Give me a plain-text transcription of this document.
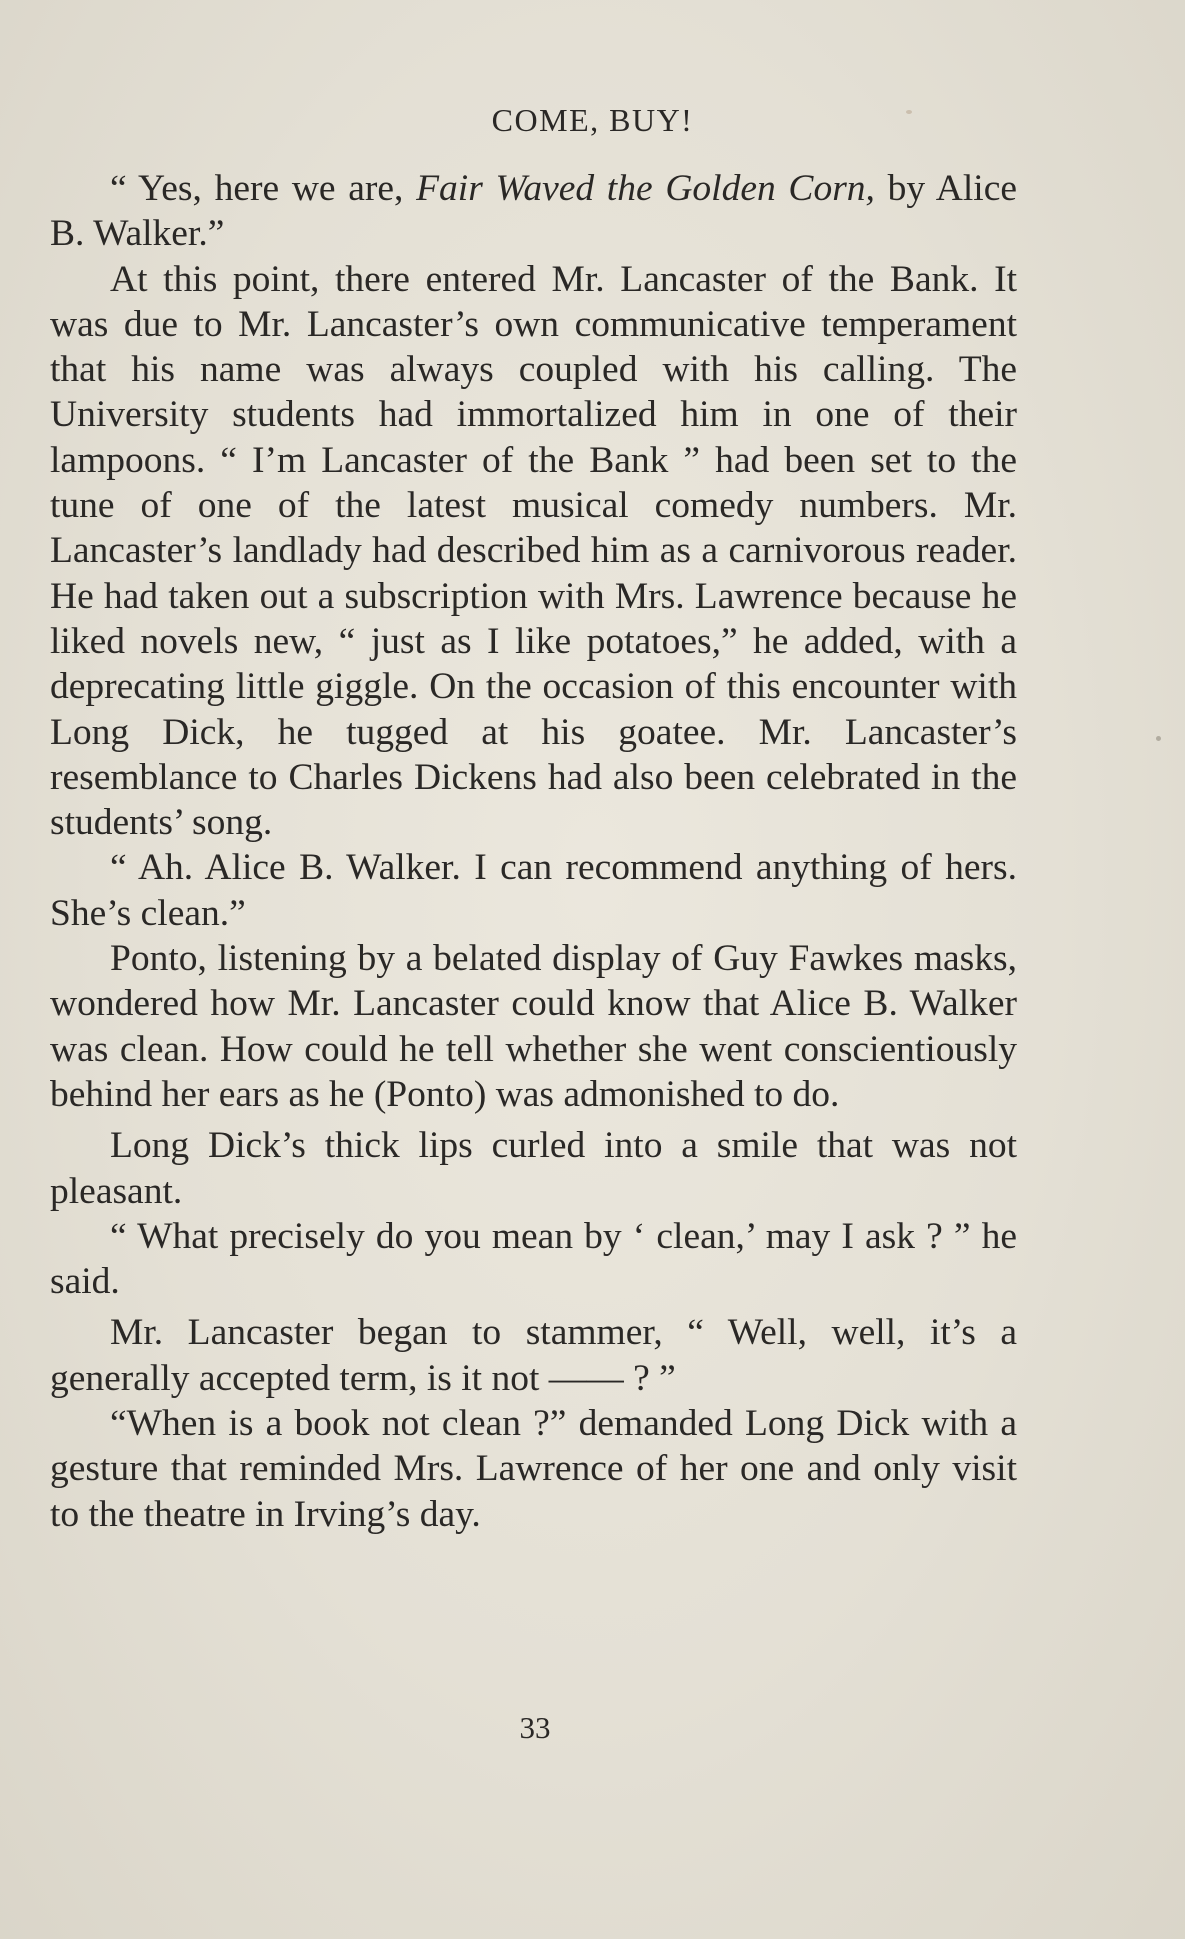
COME, BUY!

“ Yes, here we are, Fair Waved the Golden Corn, by Alice B. Walker.”

At this point, there entered Mr. Lancaster of the Bank. It was due to Mr. Lancaster’s own communicative temperament that his name was always coupled with his calling. The University students had immortalized him in one of their lampoons. “ I’m Lancaster of the Bank ” had been set to the tune of one of the latest musical comedy numbers. Mr. Lancaster’s landlady had described him as a carnivorous reader. He had taken out a subscription with Mrs. Lawrence because he liked novels new, “ just as I like potatoes,” he added, with a deprecating little giggle. On the occasion of this encounter with Long Dick, he tugged at his goatee. Mr. Lancaster’s resemblance to Charles Dickens had also been celebrated in the students’ song.

“ Ah. Alice B. Walker. I can recommend anything of hers. She’s clean.”

Ponto, listening by a belated display of Guy Fawkes masks, wondered how Mr. Lancaster could know that Alice B. Walker was clean. How could he tell whether she went conscientiously behind her ears as he (Ponto) was admonished to do.

Long Dick’s thick lips curled into a smile that was not pleasant.

“ What precisely do you mean by ‘ clean,’ may I ask ? ” he said.

Mr. Lancaster began to stammer, “ Well, well, it’s a generally accepted term, is it not —— ? ”

“When is a book not clean ?” demanded Long Dick with a gesture that reminded Mrs. Lawrence of her one and only visit to the theatre in Irving’s day.

33
